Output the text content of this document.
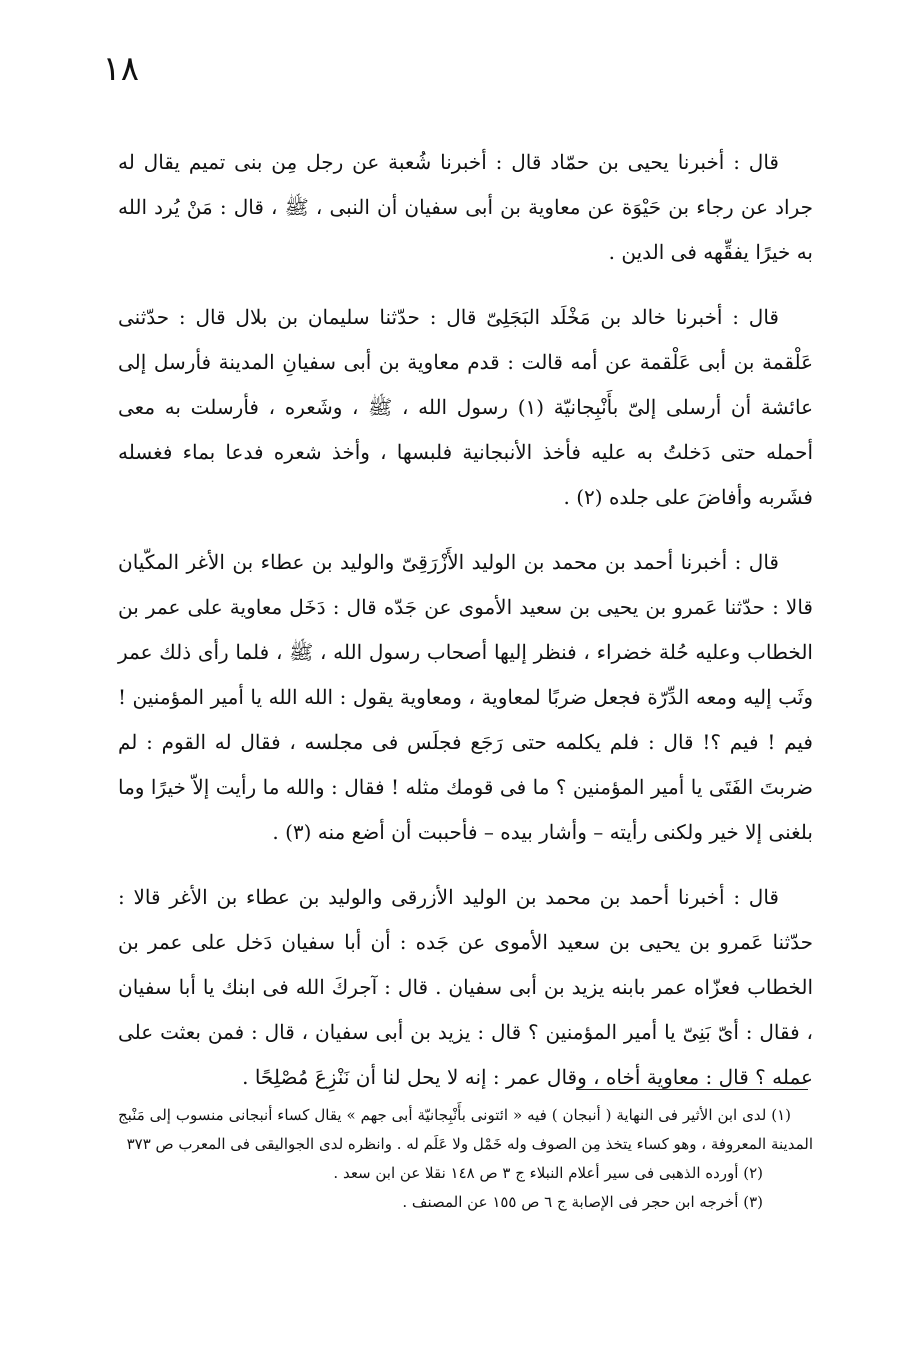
١٨

قال : أخبرنا يحيى بن حمّاد قال : أخبرنا شُعبة عن رجل مِن بنى تميم يقال له جراد عن رجاء بن حَيْوَة عن معاوية بن أبى سفيان أن النبى ، ﷺ ، قال : مَنْ يُرد الله به خيرًا يفقِّهه فى الدين .

قال : أخبرنا خالد بن مَخْلَد البَجَلِىّ قال : حدّثنا سليمان بن بلال قال : حدّثنى عَلْقمة بن أبى عَلْقمة عن أمه قالت : قدم معاوية بن أبى سفيانِ المدينة فأرسل إلى عائشة أن أرسلى إلىّ بأَنْبِجانيّة (١) رسول الله ، ﷺ ، وشَعره ، فأرسلت به معى أحمله حتى دَخلتُ به عليه فأخذ الأنبجانية فلبسها ، وأخذ شعره فدعا بماء فغسله فشَربه وأفاضَ على جلده (٢) .

قال : أخبرنا أحمد بن محمد بن الوليد الأَزْرَقِىّ والوليد بن عطاء بن الأغر المكّيان قالا : حدّثنا عَمرو بن يحيى بن سعيد الأموى عن جَدّه قال : دَخَل معاوية على عمر بن الخطاب وعليه حُلة خضراء ، فنظر إليها أصحاب رسول الله ، ﷺ ، فلما رأى ذلك عمر وثَب إليه ومعه الدِّرّة فجعل ضربًا لمعاوية ، ومعاوية يقول : الله الله يا أمير المؤمنين ! فيم ! فيم ؟! قال : فلم يكلمه حتى رَجَع فجلَس فى مجلسه ، فقال له القوم : لم ضربتَ الفَتَى يا أمير المؤمنين ؟ ما فى قومك مثله ! فقال : والله ما رأيت إلاّ خيرًا وما بلغنى إلا خير ولكنى رأيته – وأشار بيده – فأحببت أن أضع منه (٣) .

قال : أخبرنا أحمد بن محمد بن الوليد الأزرقى والوليد بن عطاء بن الأغر قالا : حدّثنا عَمرو بن يحيى بن سعيد الأموى عن جَده : أن أبا سفيان دَخل على عمر بن الخطاب فعزّاه عمر بابنه يزيد بن أبى سفيان . قال : آجركَ الله فى ابنك يا أبا سفيان ، فقال : أىّ بَنِىّ يا أمير المؤمنين ؟ قال : يزيد بن أبى سفيان ، قال : فمن بعثت على عمله ؟ قال : معاوية أخاه ، وقال عمر : إنه لا يحل لنا أن نَنْزِعَ مُصْلِحًا .

(١) لدى ابن الأثير فى النهاية ( أنبجان ) فيه « ائتونى بأَنْبِجانيّة أبى جهم » يقال كساء أنبجانى منسوب إلى مَنْبج المدينة المعروفة ، وهو كساء يتخذ مِن الصوف وله خَمْل ولا عَلَم له . وانظره لدى الجواليقى فى المعرب ص ٣٧٣

(٢) أورده الذهبى فى سير أعلام النبلاء ج ٣ ص ١٤٨ نقلا عن ابن سعد .

(٣) أخرجه ابن حجر فى الإصابة ج ٦ ص ١٥٥ عن المصنف .
